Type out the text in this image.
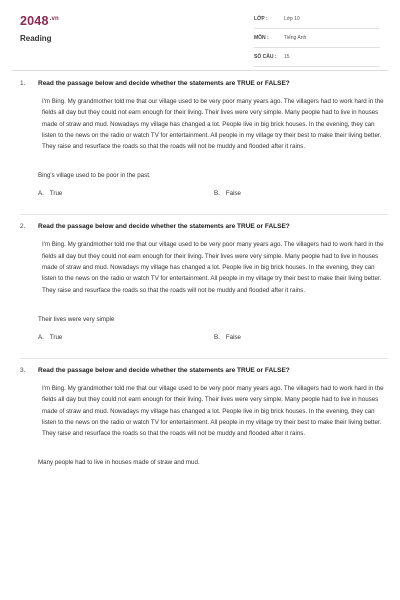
$2048^{.vn}$
Reading
LỚP :	Lớp 10
MÔN :	Tiếng Anh
SỐ CÂU : 15
1. Read the passage below and decide whether the statements are TRUE or FALSE?
I'm Bing. My grandmother told me that our village used to be very poor many years ago. The villagers had to work hard in the fields all day but they could not earn enough for their living. Their lives were very simple. Many people had to live in houses made of straw and mud. Nowadays my village has changed a lot. People live in big brick houses. In the evening, they can listen to the news on the radio or watch TV for entertainment. All people in my village try their best to make their living better. They raise and resurface the roads so that the roads will not be muddy and flooded after it rains.
Bing's village used to be poor in the past.
A. True	B. False
2. Read the passage below and decide whether the statements are TRUE or FALSE?
I'm Bing. My grandmother told me that our village used to be very poor many years ago. The villagers had to work hard in the fields all day but they could not earn enough for their living. Their lives were very simple. Many people had to live in houses made of straw and mud. Nowadays my village has changed a lot. People live in big brick houses. In the evening, they can listen to the news on the radio or watch TV for entertainment. All people in my village try their best to make their living better. They raise and resurface the roads so that the roads will not be muddy and flooded after it rains.
Their lives were very simple
A. True	B. False
3. Read the passage below and decide whether the statements are TRUE or FALSE?
I'm Bing. My grandmother told me that our village used to be very poor many years ago. The villagers had to work hard in the fields all day but they could not earn enough for their living. Their lives were very simple. Many people had to live in houses made of straw and mud. Nowadays my village has changed a lot. People live in big brick houses. In the evening, they can listen to the news on the radio or watch TV for entertainment. All people in my village try their best to make their living better. They raise and resurface the roads so that the roads will not be muddy and flooded after it rains.
Many people had to live in houses made of straw and mud.
